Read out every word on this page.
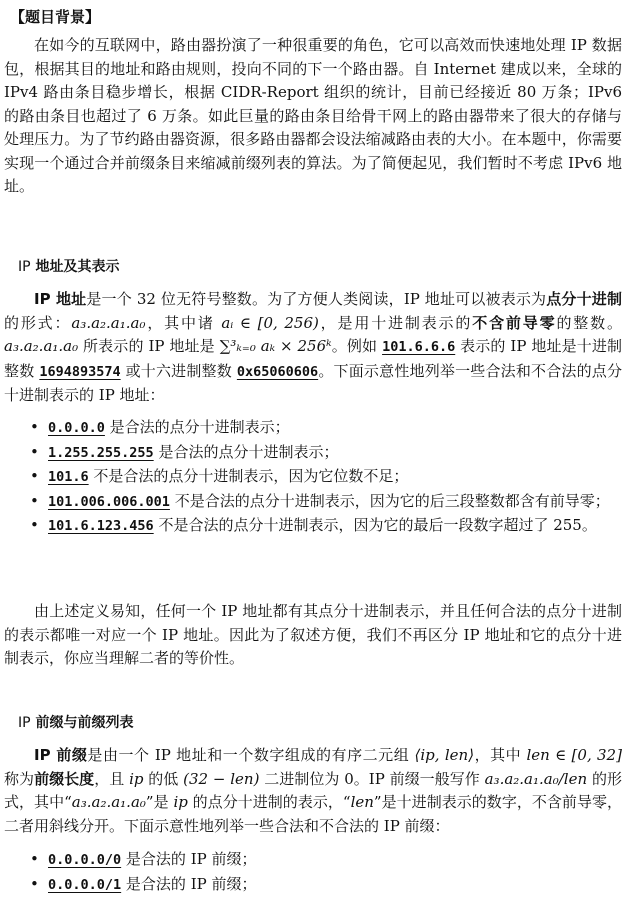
【题目背景】

在如今的互联网中，路由器扮演了一种很重要的角色，它可以高效而快速地处理 IP 数据包，根据其目的地址和路由规则，投向不同的下一个路由器。自 Internet 建成以来，全球的 IPv4 路由条目稳步增长，根据 CIDR-Report 组织的统计，目前已经接近 80 万条；IPv6 的路由条目也超过了 6 万条。如此巨量的路由条目给骨干网上的路由器带来了很大的存储与处理压力。为了节约路由器资源，很多路由器都会设法缩减路由表的大小。在本题中，你需要实现一个通过合并前缀条目来缩减前缀列表的算法。为了简便起见，我们暂时不考虑 IPv6 地址。

IP 地址及其表示

IP 地址是一个 32 位无符号整数。为了方便人类阅读，IP 地址可以被表示为点分十进制的形式：a₃.a₂.a₁.a₀，其中诸 aᵢ ∈ [0, 256)，是用十进制表示的不含前导零的整数。a₃.a₂.a₁.a₀ 所表示的 IP 地址是 ∑³ₖ₌₀ aₖ × 256ᵏ。例如 101.6.6.6 表示的 IP 地址是十进制整数 1694893574 或十六进制整数 0x65060606。下面示意性地列举一些合法和不合法的点分十进制表示的 IP 地址：

• 0.0.0.0 是合法的点分十进制表示；
• 1.255.255.255 是合法的点分十进制表示；
• 101.6 不是合法的点分十进制表示，因为它位数不足；
• 101.006.006.001 不是合法的点分十进制表示，因为它的后三段整数都含有前导零；
• 101.6.123.456 不是合法的点分十进制表示，因为它的最后一段数字超过了 255。

由上述定义易知，任何一个 IP 地址都有其点分十进制表示，并且任何合法的点分十进制的表示都唯一对应一个 IP 地址。因此为了叙述方便，我们不再区分 IP 地址和它的点分十进制表示，你应当理解二者的等价性。

IP 前缀与前缀列表

IP 前缀是由一个 IP 地址和一个数字组成的有序二元组 ⟨ip, len⟩，其中 len ∈ [0, 32] 称为前缀长度，且 ip 的低 (32 − len) 二进制位为 0。IP 前缀一般写作 a₃.a₂.a₁.a₀/len 的形式，其中“a₃.a₂.a₁.a₀”是 ip 的点分十进制的表示，“len”是十进制表示的数字，不含前导零，二者用斜线分开。下面示意性地列举一些合法和不合法的 IP 前缀：

• 0.0.0.0/0 是合法的 IP 前缀；
• 0.0.0.0/1 是合法的 IP 前缀；
